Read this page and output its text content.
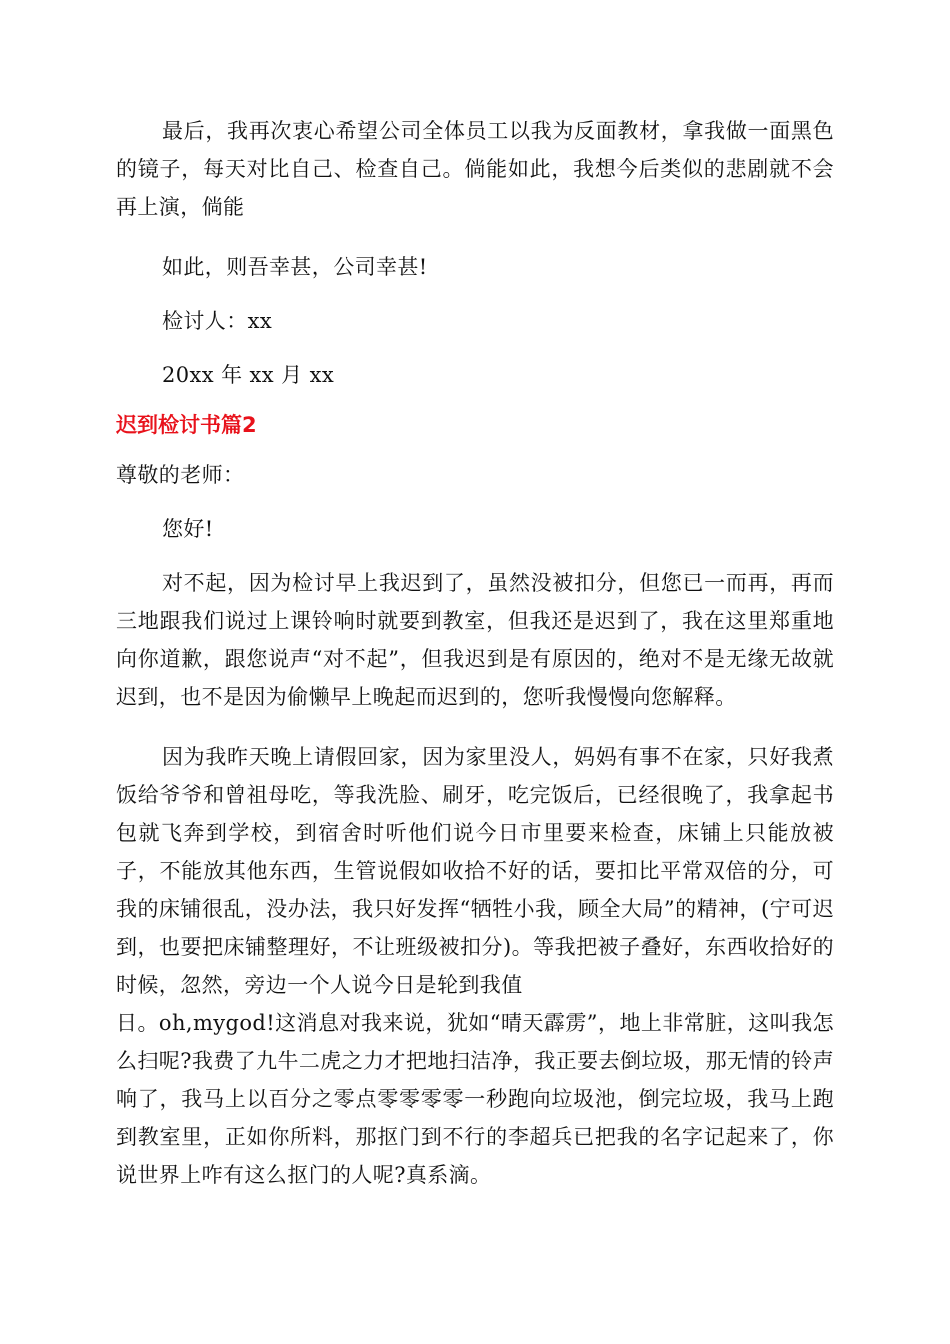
最后，我再次衷心希望公司全体员工以我为反面教材，拿我做一面黑色的镜子，每天对比自己、检查自己。倘能如此，我想今后类似的悲剧就不会再上演，倘能

如此，则吾幸甚，公司幸甚!

检讨人：xx

20xx 年 xx 月 xx

迟到检讨书篇2

尊敬的老师：

您好!

对不起，因为检讨早上我迟到了，虽然没被扣分，但您已一而再，再而三地跟我们说过上课铃响时就要到教室，但我还是迟到了，我在这里郑重地向你道歉，跟您说声“对不起”，但我迟到是有原因的，绝对不是无缘无故就迟到，也不是因为偷懒早上晚起而迟到的，您听我慢慢向您解释。

因为我昨天晚上请假回家，因为家里没人，妈妈有事不在家，只好我煮饭给爷爷和曾祖母吃，等我洗脸、刷牙，吃完饭后，已经很晚了，我拿起书包就飞奔到学校，到宿舍时听他们说今日市里要来检查，床铺上只能放被子，不能放其他东西，生管说假如收拾不好的话，要扣比平常双倍的分，可我的床铺很乱，没办法，我只好发挥“牺牲小我，顾全大局”的精神，(宁可迟到，也要把床铺整理好，不让班级被扣分)。等我把被子叠好，东西收拾好的时候，忽然，旁边一个人说今日是轮到我值

日。oh,mygod!这消息对我来说，犹如“晴天霹雳”，地上非常脏，这叫我怎么扫呢?我费了九牛二虎之力才把地扫洁净，我正要去倒垃圾，那无情的铃声响了，我马上以百分之零点零零零零一秒跑向垃圾池，倒完垃圾，我马上跑到教室里，正如你所料，那抠门到不行的李超兵已把我的名字记起来了，你说世界上咋有这么抠门的人呢?真系滴。
